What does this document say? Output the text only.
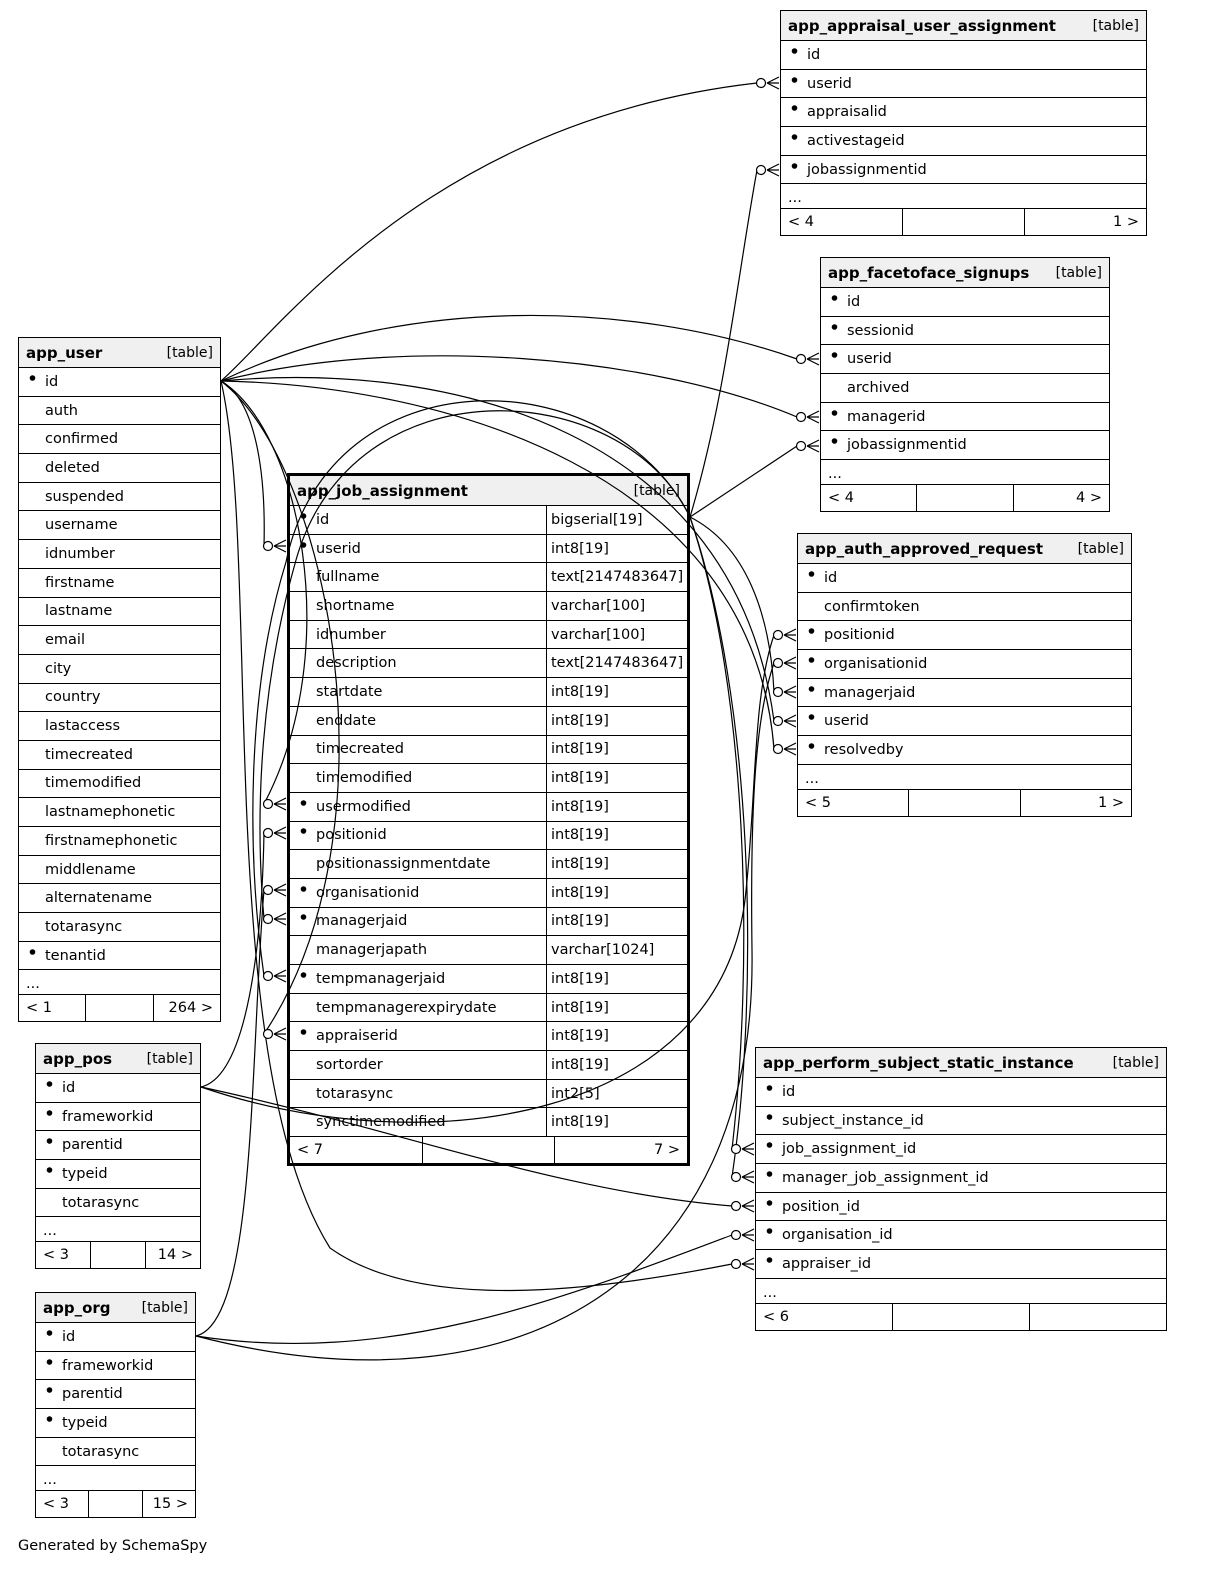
app_appraisal_user_assignment	[table]
id
userid
appraisalid
activestageid
jobassignmentid
...
< 4	1 >
app_facetoface_signups [table]
id
sessionid
userid
archived
managerid
jobassignmentid
...
< 4	4 >
app_user	[table]
id
auth
confirmed
deleted
suspended
username
idnumber
firstname
lastname
email
city
country
lastaccess
timecreated
timemodified
lastnamephonetic
firstnamephonetic
middlename
alternatename
totarasync
tenantid
...
< 1	264 >
app_job_assignment	[table]
id	bigserial[19]
userid	int8[19]
fullname	text[2147483647]
shortname	varchar[100]
idnumber	varchar[100]
description	text[2147483647]
startdate	int8[19]
enddate	int8[19]
timecreated	int8[19]
timemodified	int8[19]
usermodified	int8[19]
positionid	int8[19]
positionassignmentdate	int8[19]
organisationid	int8[19]
managerjaid	int8[19]
managerjapath	varchar[1024]
tempmanagerjaid	int8[19]
tempmanagerexpirydate	int8[19]
appraiserid	int8[19]
sortorder	int8[19]
totarasync	int2[5]
synctimemodified	int8[19]
< 7	7 >
app_auth_approved_request [table]
id
confirmtoken
positionid
organisationid
managerjaid
userid
resolvedby
...
< 5	1 >
app_pos [table]
id
frameworkid
parentid
typeid
totarasync
...
< 3	14 >
app_perform_subject_static_instance	[table]
id
subject_instance_id
job_assignment_id
manager_job_assignment_id
position_id
organisation_id
appraiser_id
...
< 6
app_org [table]
id
frameworkid
parentid
typeid
totarasync
...
< 3	15 >
Generated by SchemaSpy
